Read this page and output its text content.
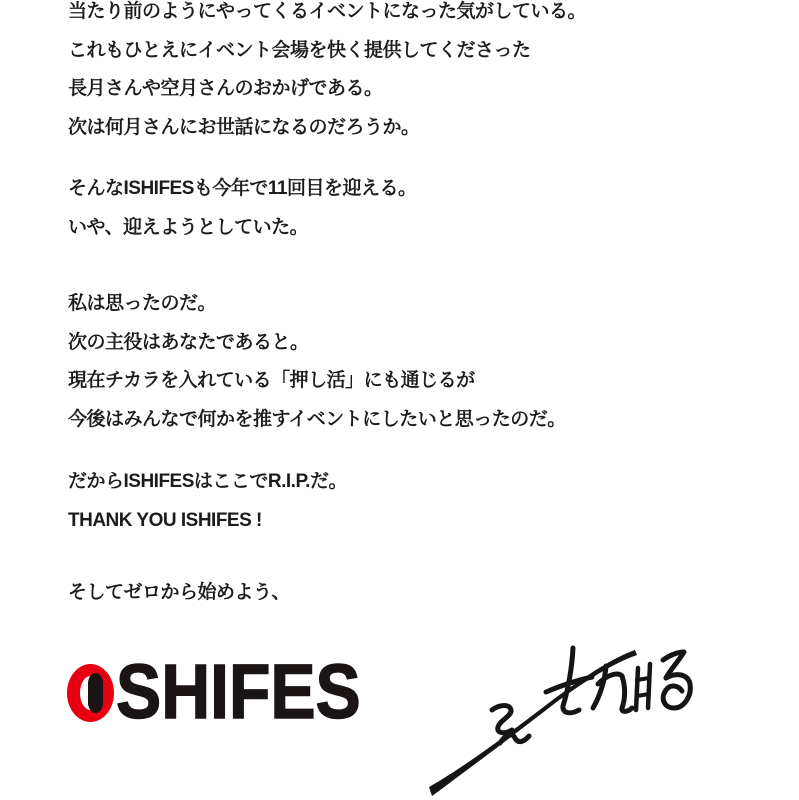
当たり前のようにやってくるイベントになった気がしている。
これもひとえにイベント会場を快く提供してくださった
長月さんや空月さんのおかげである。
次は何月さんにお世話になるのだろうか。

そんなISHIFESも今年で11回目を迎える。
いや、迎えようとしていた。

私は思ったのだ。
次の主役はあなたであると。
現在チカラを入れている「押し活」にも通じるが
今後はみんなで何かを推すイベントにしたいと思ったのだ。

だからISHIFESはここでR.I.P.だ。
THANK YOU ISHIFES !

そしてゼロから始めよう、

SHIFES
